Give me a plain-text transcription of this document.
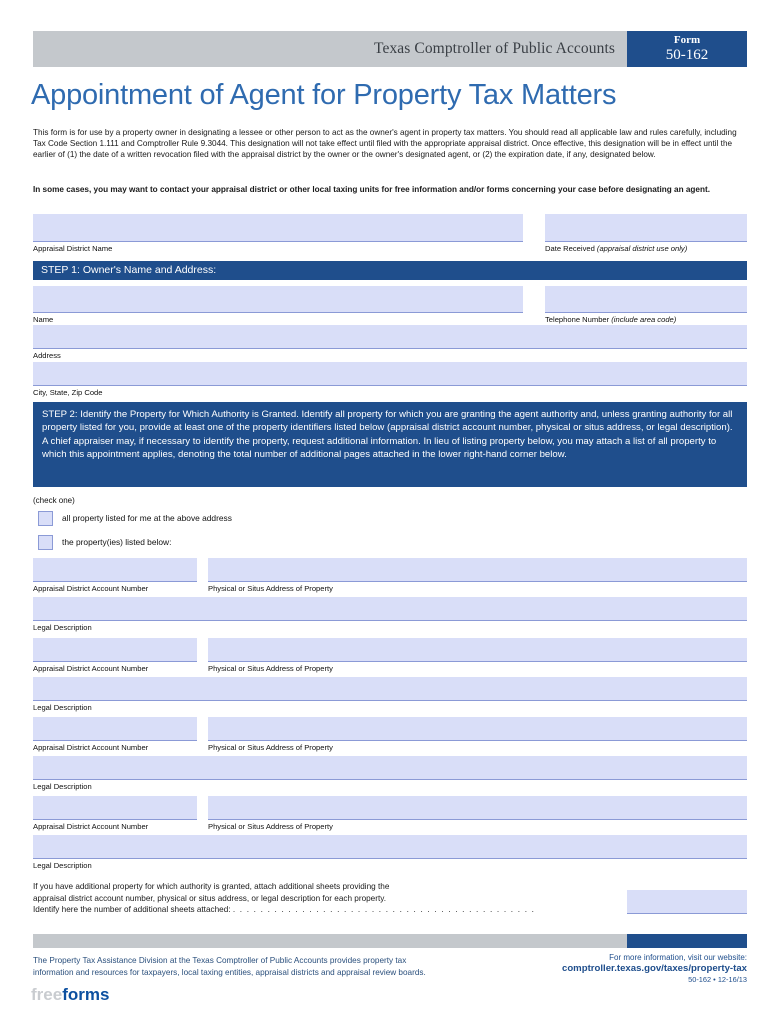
Texas Comptroller of Public Accounts	Form
50-162
Appointment of Agent for Property Tax Matters
This form is for use by a property owner in designating a lessee or other person to act as the owner's agent in property tax matters. You should read all applicable law and rules carefully, including Tax Code Section 1.111 and Comptroller Rule 9.3044. This designation will not take effect until filed with the appropriate appraisal district. Once effective, this designation will be in effect until the earlier of (1) the date of a written revocation filed with the appraisal district by the owner or the owner's designated agent, or (2) the expiration date, if any, designated below.
In some cases, you may want to contact your appraisal district or other local taxing units for free information and/or forms concerning your case before designating an agent.
Appraisal District Name	Date Received (appraisal district use only)
STEP 1: Owner's Name and Address:
Name	Telephone Number (include area code)
Address
City, State, Zip Code
STEP 2: Identify the Property for Which Authority is Granted. Identify all property for which you are granting the agent authority and, unless granting authority for all property listed for you, provide at least one of the property identifiers listed below (appraisal district account number, physical or situs address, or legal description). A chief appraiser may, if necessary to identify the property, request additional information. In lieu of listing property below, you may attach a list of all property to which this appointment applies, denoting the total number of additional pages attached in the lower right-hand corner below.
(check one)
all property listed for me at the above address
the property(ies) listed below:
Appraisal District Account Number	Physical or Situs Address of Property
Legal Description
Appraisal District Account Number	Physical or Situs Address of Property
Legal Description
Appraisal District Account Number	Physical or Situs Address of Property
Legal Description
Appraisal District Account Number	Physical or Situs Address of Property
Legal Description
If you have additional property for which authority is granted, attach additional sheets providing the
appraisal district account number, physical or situs address, or legal description for each property.
Identify here the number of additional sheets attached: . . . . . . . . . . . . . . . . . . . . . . . . . . . . . . . . . . . . . . . . . . . .
The Property Tax Assistance Division at the Texas Comptroller of Public Accounts provides property tax
information and resources for taxpayers, local taxing entities, appraisal districts and appraisal review boards.
For more information, visit our website:
comptroller.texas.gov/taxes/property-tax
50-162 • 12-16/13
freeforms
